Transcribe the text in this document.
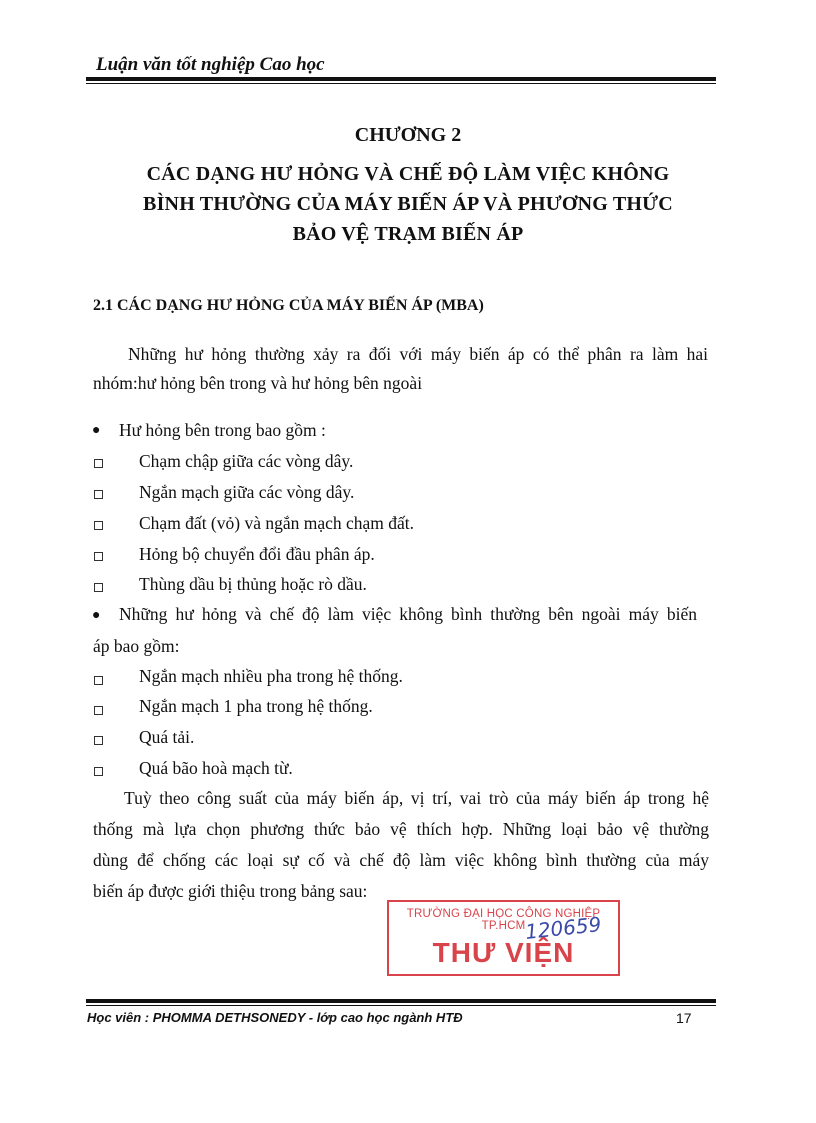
Luận văn tốt nghiệp Cao học
CHƯƠNG 2
CÁC DẠNG HƯ HỎNG VÀ CHẾ ĐỘ LÀM VIỆC KHÔNG
BÌNH THƯỜNG CỦA MÁY BIẾN ÁP VÀ PHƯƠNG THỨC
BẢO VỆ TRẠM BIẾN ÁP
2.1 CÁC DẠNG HƯ HỎNG CỦA MÁY BIẾN ÁP (MBA)
Những hư hỏng thường xảy ra đối với máy biến áp có thể phân ra làm hai
nhóm:hư hỏng bên trong và hư hỏng bên ngoài
● Hư hỏng bên trong bao gồm :
Chạm chập giữa các vòng dây.
Ngắn mạch giữa các vòng dây.
Chạm đất (vỏ) và ngắn mạch chạm đất.
Hỏng bộ chuyển đổi đầu phân áp.
Thùng dầu bị thủng hoặc rò dầu.
● Những hư hỏng và chế độ làm việc không bình thường bên ngoài máy biến
áp bao gồm:
Ngắn mạch nhiều pha trong hệ thống.
Ngắn mạch 1 pha trong hệ thống.
Quá tải.
Quá bão hoà mạch từ.
Tuỳ theo công suất của máy biến áp, vị trí, vai trò của máy biến áp trong hệ
thống mà lựa chọn phương thức bảo vệ thích hợp. Những loại bảo vệ thường
dùng để chống các loại sự cố và chế độ làm việc không bình thường của máy
biến áp được giới thiệu trong bảng sau:
TRƯỜNG ĐẠI HỌC CÔNG NGHIỆP TP.HCM
120659
THƯ VIỆN
Học viên : PHOMMA DETHSONEDY - lớp cao học ngành HTĐ	17
